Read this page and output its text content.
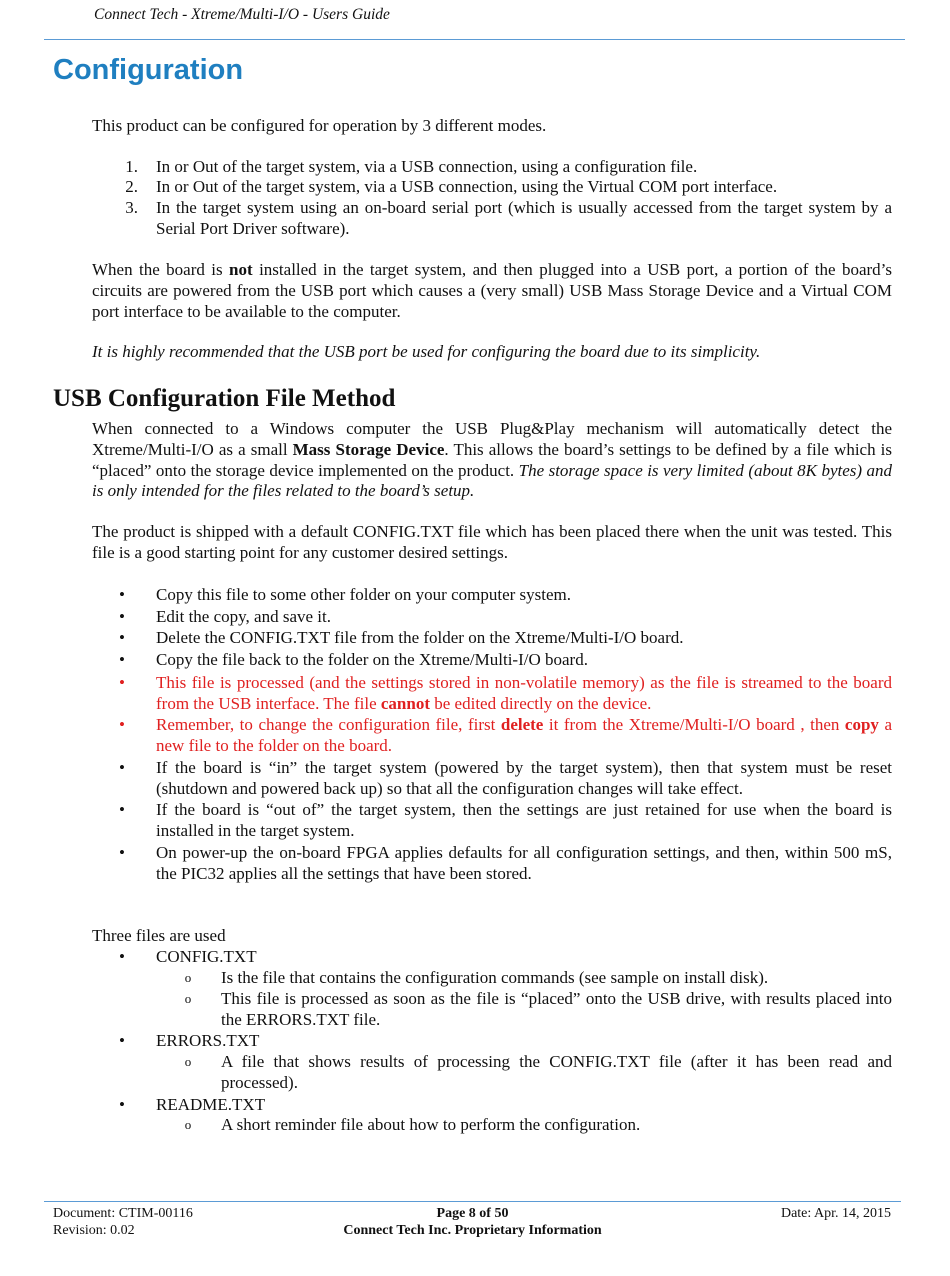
Connect Tech - Xtreme/Multi-I/O - Users Guide
Configuration

This product can be configured for operation by 3 different modes.

1. In or Out of the target system, via a USB connection, using a configuration file.
2. In or Out of the target system, via a USB connection, using the Virtual COM port interface.
3. In the target system using an on-board serial port (which is usually accessed from the target system by a Serial Port Driver software).

When the board is not installed in the target system, and then plugged into a USB port, a portion of the board’s circuits are powered from the USB port which causes a (very small) USB Mass Storage Device and a Virtual COM port interface to be available to the computer.

It is highly recommended that the USB port be used for configuring the board due to its simplicity.

USB Configuration File Method

When connected to a Windows computer the USB Plug&Play mechanism will automatically detect the Xtreme/Multi-I/O as a small Mass Storage Device. This allows the board’s settings to be defined by a file which is “placed” onto the storage device implemented on the product. The storage space is very limited (about 8K bytes) and is only intended for the files related to the board’s setup.

The product is shipped with a default CONFIG.TXT file which has been placed there when the unit was tested. This file is a good starting point for any customer desired settings.

•	Copy this file to some other folder on your computer system.
•	Edit the copy, and save it.
•	Delete the CONFIG.TXT file from the folder on the Xtreme/Multi-I/O board.
•	Copy the file back to the folder on the Xtreme/Multi-I/O board.
•	This file is processed (and the settings stored in non-volatile memory) as the file is streamed to the board from the USB interface. The file cannot be edited directly on the device.
•	Remember, to change the configuration file, first delete it from the Xtreme/Multi-I/O board , then copy a new file to the folder on the board.
•	If the board is “in” the target system (powered by the target system), then that system must be reset (shutdown and powered back up) so that all the configuration changes will take effect.
•	If the board is “out of” the target system, then the settings are just retained for use when the board is installed in the target system.
•	On power-up the on-board FPGA applies defaults for all configuration settings, and then, within 500 mS, the PIC32 applies all the settings that have been stored.

Three files are used

•	CONFIG.TXT
o	Is the file that contains the configuration commands (see sample on install disk).
o	This file is processed as soon as the file is “placed” onto the USB drive, with results placed into the ERRORS.TXT file.
•	ERRORS.TXT
o	A file that shows results of processing the CONFIG.TXT file (after it has been read and processed).
•	README.TXT
o	A short reminder file about how to perform the configuration.
Document: CTIM-00116
Revision: 0.02
Page 8 of 50
Connect Tech Inc. Proprietary Information
Date: Apr. 14, 2015
